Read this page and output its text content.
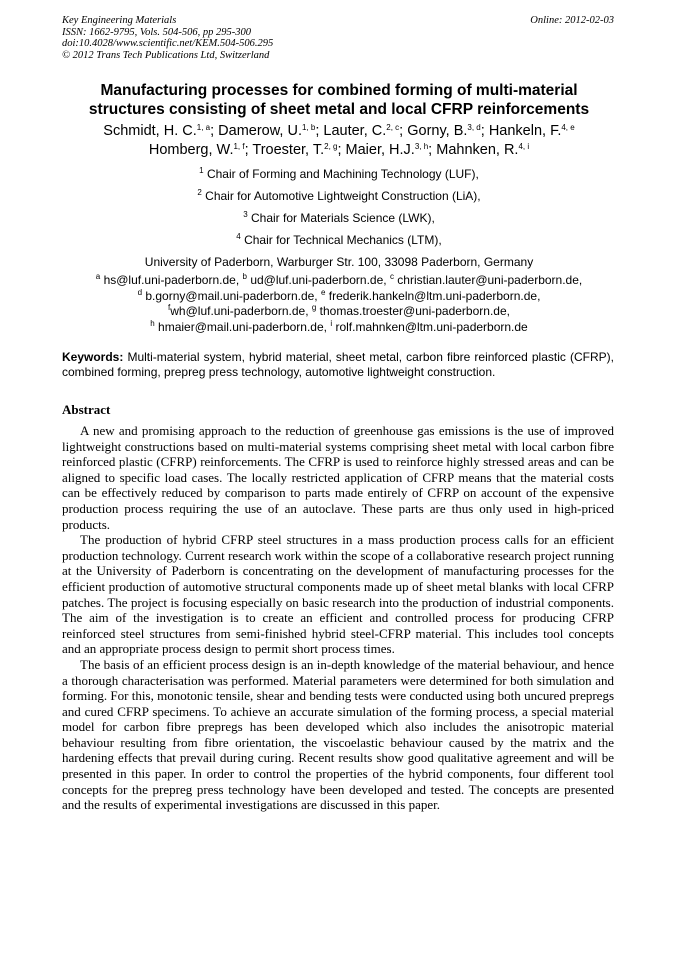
Key Engineering Materials
ISSN: 1662-9795, Vols. 504-506, pp 295-300
doi:10.4028/www.scientific.net/KEM.504-506.295
© 2012 Trans Tech Publications Ltd, Switzerland
Online: 2012-02-03
Manufacturing processes for combined forming of multi-material
structures consisting of sheet metal and local CFRP reinforcements
Schmidt, H. C.$^{1, a}$; Damerow, U.$^{1, b}$; Lauter, C.$^{2, c}$; Gorny, B.$^{3, d}$; Hankeln, F.$^{4, e}$
Homberg, W.$^{1, f}$; Troester, T.$^{2, g}$; Maier, H.J.$^{3, h}$; Mahnken, R.$^{4, i}$
$^1$ Chair of Forming and Machining Technology (LUF),
$^2$ Chair for Automotive Lightweight Construction (LiA),
$^3$ Chair for Materials Science (LWK),
$^4$ Chair for Technical Mechanics (LTM),
University of Paderborn, Warburger Str. 100, 33098 Paderborn, Germany
$^a$ hs@luf.uni-paderborn.de, $^b$ ud@luf.uni-paderborn.de, $^c$ christian.lauter@uni-paderborn.de,
$^d$ b.gorny@mail.uni-paderborn.de, $^e$ frederik.hankeln@ltm.uni-paderborn.de,
$^f$wh@luf.uni-paderborn.de, $^g$ thomas.troester@uni-paderborn.de,
$^h$ hmaier@mail.uni-paderborn.de, $^i$ rolf.mahnken@ltm.uni-paderborn.de
Keywords: Multi-material system, hybrid material, sheet metal, carbon fibre reinforced plastic (CFRP), combined forming, prepreg press technology, automotive lightweight construction.
Abstract

A new and promising approach to the reduction of greenhouse gas emissions is the use of improved lightweight constructions based on multi-material systems comprising sheet metal with local carbon fibre reinforced plastic (CFRP) reinforcements. The CFRP is used to reinforce highly stressed areas and can be aligned to specific load cases. The locally restricted application of CFRP means that the material costs can be effectively reduced by comparison to parts made entirely of CFRP on account of the expensive production process requiring the use of an autoclave. These parts are thus only used in high-priced products.

The production of hybrid CFRP steel structures in a mass production process calls for an efficient production technology. Current research work within the scope of a collaborative research project running at the University of Paderborn is concentrating on the development of manufacturing processes for the efficient production of automotive structural components made up of sheet metal blanks with local CFRP patches. The project is focusing especially on basic research into the production of industrial components. The aim of the investigation is to create an efficient and controlled process for producing CFRP reinforced steel structures from semi-finished hybrid steel-CFRP material. This includes tool concepts and an appropriate process design to permit short process times.

The basis of an efficient process design is an in-depth knowledge of the material behaviour, and hence a thorough characterisation was performed. Material parameters were determined for both simulation and forming. For this, monotonic tensile, shear and bending tests were conducted using both uncured prepregs and cured CFRP specimens. To achieve an accurate simulation of the forming process, a special material model for carbon fibre prepregs has been developed which also includes the anisotropic material behaviour resulting from fibre orientation, the viscoelastic behaviour caused by the matrix and the hardening effects that prevail during curing. Recent results show good qualitative agreement and will be presented in this paper. In order to control the properties of the hybrid components, four different tool concepts for the prepreg press technology have been developed and tested. The concepts are presented and the results of experimental investigations are discussed in this paper.
